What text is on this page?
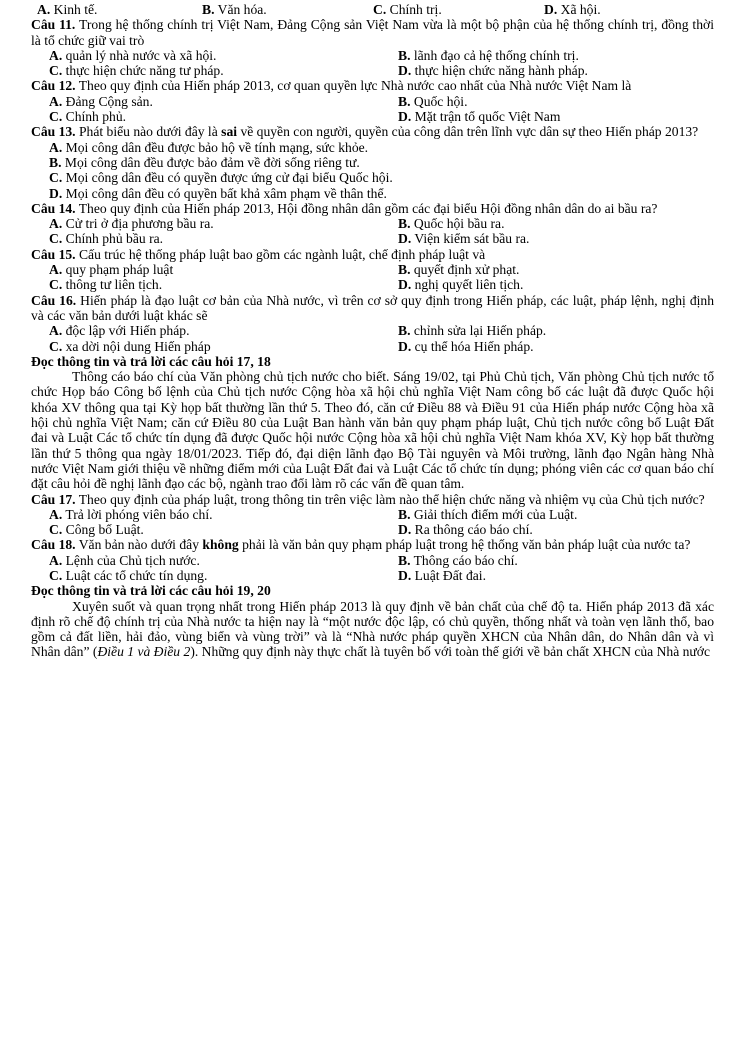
A. Kinh tế.	B. Văn hóa.	C. Chính trị.	D. Xã hội.
Câu 11. Trong hệ thống chính trị Việt Nam, Đảng Cộng sản Việt Nam vừa là một bộ phận của hệ thống chính trị, đồng thời là tổ chức giữ vai trò
A. quản lý nhà nước và xã hội.	B. lãnh đạo cả hệ thống chính trị.
C. thực hiện chức năng tư pháp.	D. thực hiện chức năng hành pháp.
Câu 12. Theo quy định của Hiến pháp 2013, cơ quan quyền lực Nhà nước cao nhất của Nhà nước Việt Nam là
A. Đảng Cộng sản.	B. Quốc hội.
C. Chính phủ.	D. Mặt trận tổ quốc Việt Nam
Câu 13. Phát biểu nào dưới đây là sai về quyền con người, quyền của công dân trên lĩnh vực dân sự theo Hiến pháp 2013?
A. Mọi công dân đều được bảo hộ về tính mạng, sức khỏe.
B. Mọi công dân đều được bảo đảm về đời sống riêng tư.
C. Mọi công dân đều có quyền được ứng cử đại biểu Quốc hội.
D. Mọi công dân đều có quyền bất khả xâm phạm về thân thể.
Câu 14. Theo quy định của Hiến pháp 2013, Hội đồng nhân dân gồm các đại biểu Hội đồng nhân dân do ai bầu ra?
A. Cử tri ở địa phương bầu ra.	B. Quốc hội bầu ra.
C. Chính phủ bầu ra.	D. Viện kiểm sát bầu ra.
Câu 15. Cấu trúc hệ thống pháp luật bao gồm các ngành luật, chế định pháp luật và
A. quy phạm pháp luật	B. quyết định xử phạt.
C. thông tư liên tịch.	D. nghị quyết liên tịch.
Câu 16. Hiến pháp là đạo luật cơ bản của Nhà nước, vì trên cơ sở quy định trong Hiến pháp, các luật, pháp lệnh, nghị định và các văn bản dưới luật khác sẽ
A. độc lập với Hiến pháp.	B. chỉnh sửa lại Hiến pháp.
C. xa dời nội dung Hiến pháp	D. cụ thể hóa Hiến pháp.
Đọc thông tin và trả lời các câu hỏi 17, 18
Thông cáo báo chí của Văn phòng chủ tịch nước cho biết. Sáng 19/02, tại Phủ Chủ tịch, Văn phòng Chủ tịch nước tổ chức Họp báo Công bố lệnh của Chủ tịch nước Cộng hòa xã hội chủ nghĩa Việt Nam công bố các luật đã được Quốc hội khóa XV thông qua tại Kỳ họp bất thường lần thứ 5. Theo đó, căn cứ Điều 88 và Điều 91 của Hiến pháp nước Cộng hòa xã hội chủ nghĩa Việt Nam; căn cứ Điều 80 của Luật Ban hành văn bản quy phạm pháp luật, Chủ tịch nước công bố Luật Đất đai và Luật Các tổ chức tín dụng đã được Quốc hội nước Cộng hòa xã hội chủ nghĩa Việt Nam khóa XV, Kỳ họp bất thường lần thứ 5 thông qua ngày 18/01/2023. Tiếp đó, đại diện lãnh đạo Bộ Tài nguyên và Môi trường, lãnh đạo Ngân hàng Nhà nước Việt Nam giới thiệu về những điểm mới của Luật Đất đai và Luật Các tổ chức tín dụng; phóng viên các cơ quan báo chí đặt câu hỏi đề nghị lãnh đạo các bộ, ngành trao đổi làm rõ các vấn đề quan tâm.
Câu 17. Theo quy định của pháp luật, trong thông tin trên việc làm nào thể hiện chức năng và nhiệm vụ của Chủ tịch nước?
A. Trả lời phóng viên báo chí.	B. Giải thích điểm mới của Luật.
C. Công bố Luật.	D. Ra thông cáo báo chí.
Câu 18. Văn bản nào dưới đây không phải là văn bản quy phạm pháp luật trong hệ thống văn bản pháp luật của nước ta?
A. Lệnh của Chủ tịch nước.	B. Thông cáo báo chí.
C. Luật các tổ chức tín dụng.	D. Luật Đất đai.
Đọc thông tin và trả lời các câu hỏi 19, 20
Xuyên suốt và quan trọng nhất trong Hiến pháp 2013 là quy định về bản chất của chế độ ta. Hiến pháp 2013 đã xác định rõ chế độ chính trị của Nhà nước ta hiện nay là “một nước độc lập, có chủ quyền, thống nhất và toàn vẹn lãnh thổ, bao gồm cả đất liền, hải đảo, vùng biển và vùng trời” và là “Nhà nước pháp quyền XHCN của Nhân dân, do Nhân dân và vì Nhân dân” (Điều 1 và Điều 2). Những quy định này thực chất là tuyên bố với toàn thế giới về bản chất XHCN của Nhà nước
